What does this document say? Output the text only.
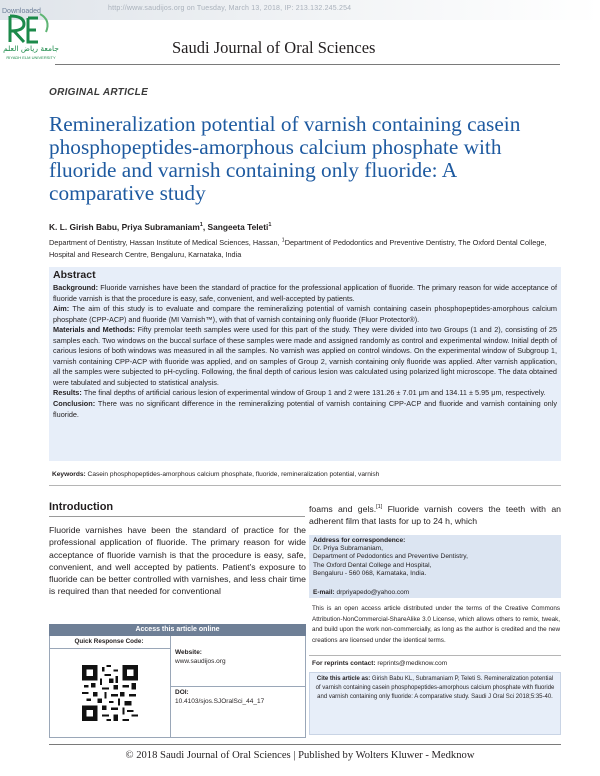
http://www.saudijos.org on Tuesday, March 13, 2018, IP: 213.132.245.254
جامعة رياض العلم
RIYADH ELM UNIVERSITY
Downloaded
Saudi Journal of Oral Sciences
ORIGINAL ARTICLE
Remineralization potential of varnish containing casein phosphopeptides-amorphous calcium phosphate with fluoride and varnish containing only fluoride: A comparative study
K. L. Girish Babu, Priya Subramaniam$^1$, Sangeeta Teleti$^1$
Department of Dentistry, Hassan Institute of Medical Sciences, Hassan, $^1$Department of Pedodontics and Preventive Dentistry, The Oxford Dental College, Hospital and Research Centre, Bengaluru, Karnataka, India
Abstract

Background: Fluoride varnishes have been the standard of practice for the professional application of fluoride. The primary reason for wide acceptance of fluoride varnish is that the procedure is easy, safe, convenient, and well-accepted by patients.

Aim: The aim of this study is to evaluate and compare the remineralizing potential of varnish containing casein phosphopeptides-amorphous calcium phosphate (CPP-ACP) and fluoride (MI Varnish™), with that of varnish containing only fluoride (Fluor Protector®).

Materials and Methods: Fifty premolar teeth samples were used for this part of the study. They were divided into two Groups (1 and 2), consisting of 25 samples each. Two windows on the buccal surface of these samples were made and assigned randomly as control and experimental window. Initial depth of carious lesions of both windows was measured in all the samples. No varnish was applied on control windows. On the experimental window of Subgroup 1, varnish containing CPP-ACP with fluoride was applied, and on samples of Group 2, varnish containing only fluoride was applied. After varnish application, all the samples were subjected to pH-cycling. Following, the final depth of carious lesion was calculated using polarized light microscope. The data obtained were tabulated and subjected to statistical analysis.

Results: The final depths of artificial carious lesion of experimental window of Group 1 and 2 were 131.26 ± 7.01 μm and 134.11 ± 5.95 μm, respectively.

Conclusion: There was no significant difference in the remineralizing potential of varnish containing CPP-ACP and fluoride and varnish containing only fluoride.

Keywords: Casein phosphopeptides-amorphous calcium phosphate, fluoride, remineralization potential, varnish
Introduction
Fluoride varnishes have been the standard of practice for the professional application of fluoride. The primary reason for wide acceptance of fluoride varnish is that the procedure is easy, safe, convenient, and well accepted by patients. Patient's exposure to fluoride can be better controlled with varnishes, and less chair time is required than that needed for conventional
Access this article online
Quick Response Code:
Website:
www.saudijos.org
DOI:
10.4103/sjos.SJOralSci_44_17
foams and gels.[1] Fluoride varnish covers the teeth with an adherent film that lasts for up to 24 h, which
Address for correspondence:
Dr. Priya Subramaniam,
Department of Pedodontics and Preventive Dentistry,
The Oxford Dental College and Hospital,
Bengaluru - 560 068, Karnataka, India.
E-mail: drpriyapedo@yahoo.com
This is an open access article distributed under the terms of the Creative Commons Attribution-NonCommercial-ShareAlike 3.0 License, which allows others to remix, tweak, and build upon the work non-commercially, as long as the author is credited and the new creations are licensed under the identical terms.
For reprints contact: reprints@medknow.com
Cite this article as: Girish Babu KL, Subramaniam P, Teleti S. Remineralization potential of varnish containing casein phosphopeptides-amorphous calcium phosphate with fluoride and varnish containing only fluoride: A comparative study. Saudi J Oral Sci 2018;5:35-40.
© 2018 Saudi Journal of Oral Sciences | Published by Wolters Kluwer - Medknow
